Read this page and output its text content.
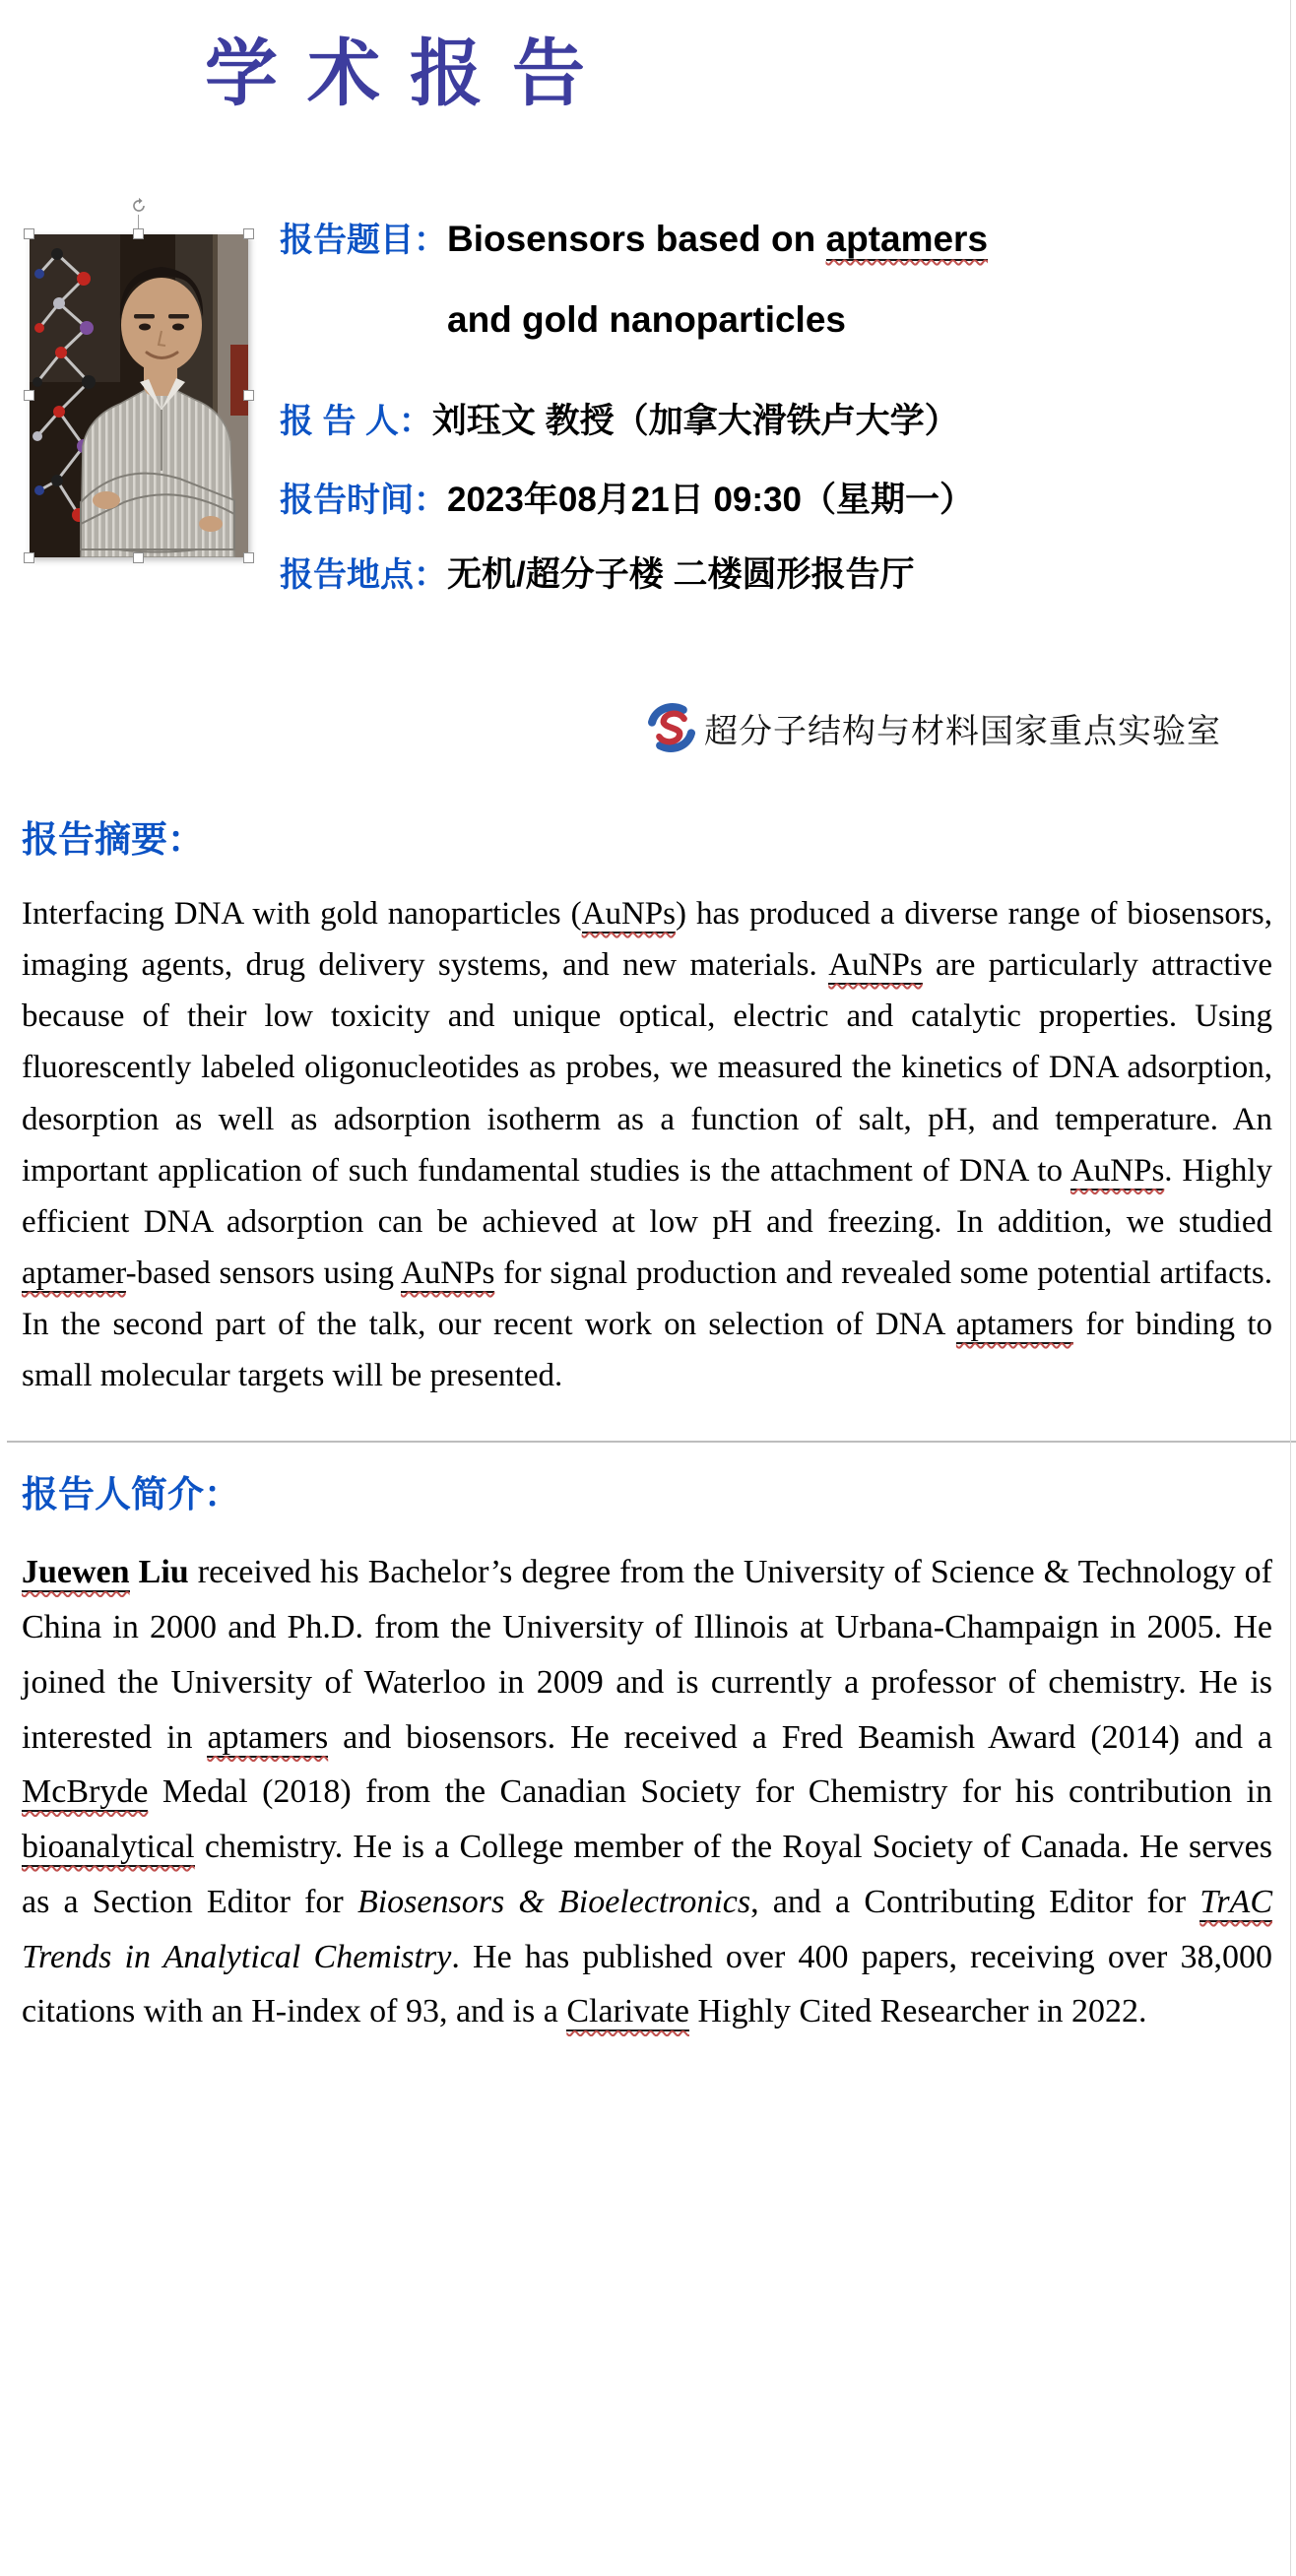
学术报告
报告题目： Biosensors based on aptamers
and gold nanoparticles
报 告 人： 刘珏文 教授（加拿大滑铁卢大学）
报告时间： 2023年08月21日 09:30（星期一）
报告地点： 无机/超分子楼 二楼圆形报告厅
超分子结构与材料国家重点实验室
报告摘要：

Interfacing DNA with gold nanoparticles (AuNPs) has produced a diverse range of biosensors, imaging agents, drug delivery systems, and new materials. AuNPs are particularly attractive because of their low toxicity and unique optical, electric and catalytic properties. Using fluorescently labeled oligonucleotides as probes, we measured the kinetics of DNA adsorption, desorption as well as adsorption isotherm as a function of salt, pH, and temperature. An important application of such fundamental studies is the attachment of DNA to AuNPs. Highly efficient DNA adsorption can be achieved at low pH and freezing. In addition, we studied aptamer-based sensors using AuNPs for signal production and revealed some potential artifacts. In the second part of the talk, our recent work on selection of DNA aptamers for binding to small molecular targets will be presented.

报告人简介：

Juewen Liu received his Bachelor’s degree from the University of Science & Technology of China in 2000 and Ph.D. from the University of Illinois at Urbana-Champaign in 2005. He joined the University of Waterloo in 2009 and is currently a professor of chemistry. He is interested in aptamers and biosensors. He received a Fred Beamish Award (2014) and a McBryde Medal (2018) from the Canadian Society for Chemistry for his contribution in bioanalytical chemistry. He is a College member of the Royal Society of Canada. He serves as a Section Editor for Biosensors & Bioelectronics, and a Contributing Editor for TrAC Trends in Analytical Chemistry. He has published over 400 papers, receiving over 38,000 citations with an H-index of 93, and is a Clarivate Highly Cited Researcher in 2022.
